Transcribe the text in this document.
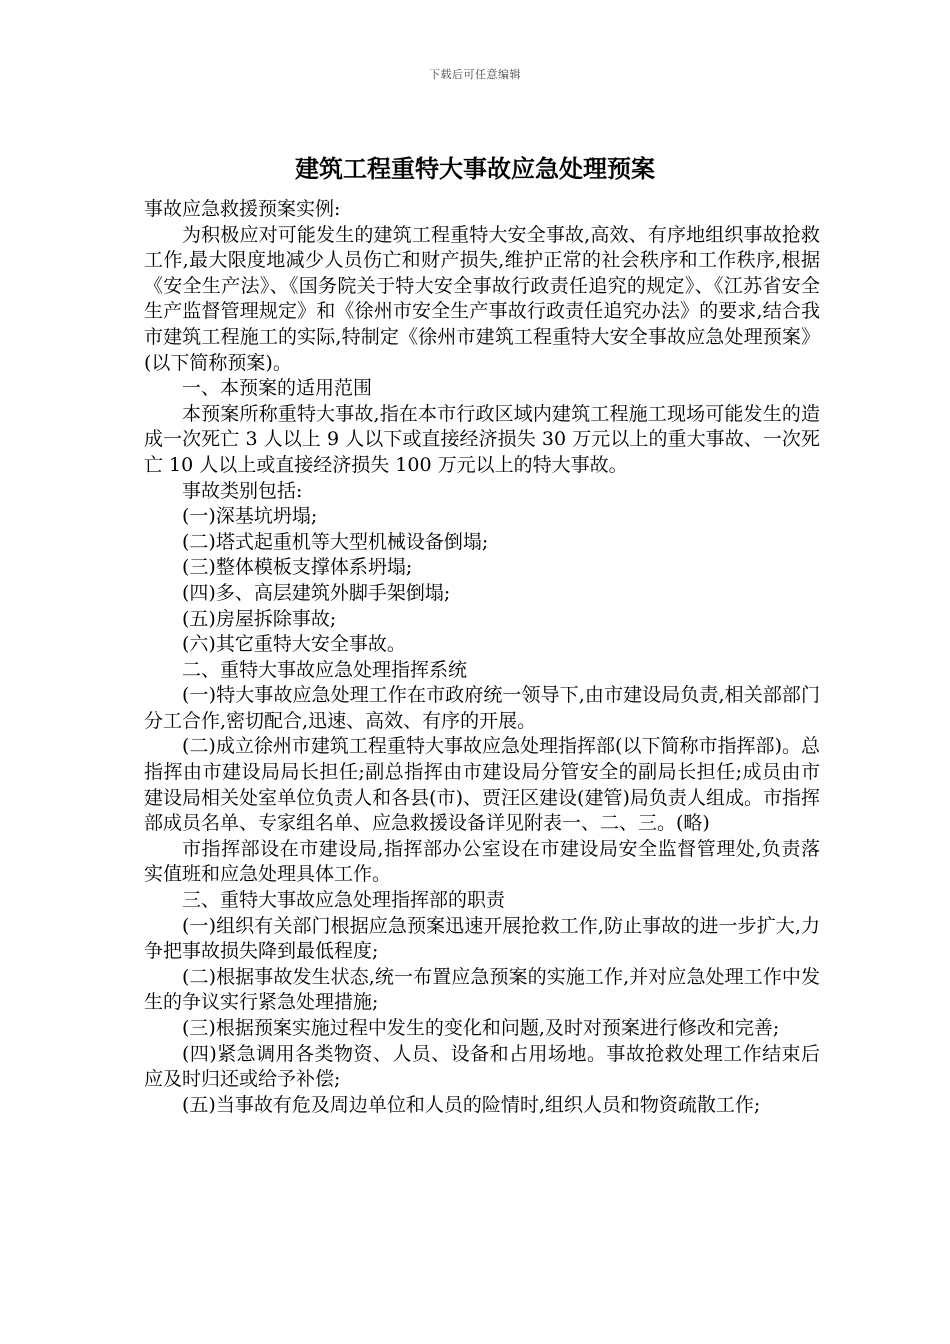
下载后可任意编辑
建筑工程重特大事故应急处理预案

事故应急救援预案实例:

为积极应对可能发生的建筑工程重特大安全事故,高效、有序地组织事故抢救工作,最大限度地减少人员伤亡和财产损失,维护正常的社会秩序和工作秩序,根据《安全生产法》、《国务院关于特大安全事故行政责任追究的规定》、《江苏省安全生产监督管理规定》和《徐州市安全生产事故行政责任追究办法》的要求,结合我市建筑工程施工的实际,特制定《徐州市建筑工程重特大安全事故应急处理预案》(以下简称预案)。

一、本预案的适用范围

本预案所称重特大事故,指在本市行政区域内建筑工程施工现场可能发生的造成一次死亡 3 人以上 9 人以下或直接经济损失 30 万元以上的重大事故、一次死亡 10 人以上或直接经济损失 100 万元以上的特大事故。

事故类别包括:

(一)深基坑坍塌;

(二)塔式起重机等大型机械设备倒塌;

(三)整体模板支撑体系坍塌;

(四)多、高层建筑外脚手架倒塌;

(五)房屋拆除事故;

(六)其它重特大安全事故。

二、重特大事故应急处理指挥系统

(一)特大事故应急处理工作在市政府统一领导下,由市建设局负责,相关部部门分工合作,密切配合,迅速、高效、有序的开展。

(二)成立徐州市建筑工程重特大事故应急处理指挥部(以下简称市指挥部)。总指挥由市建设局局长担任;副总指挥由市建设局分管安全的副局长担任;成员由市建设局相关处室单位负责人和各县(市)、贾汪区建设(建管)局负责人组成。市指挥部成员名单、专家组名单、应急救援设备详见附表一、二、三。(略)

市指挥部设在市建设局,指挥部办公室设在市建设局安全监督管理处,负责落实值班和应急处理具体工作。

三、重特大事故应急处理指挥部的职责

(一)组织有关部门根据应急预案迅速开展抢救工作,防止事故的进一步扩大,力争把事故损失降到最低程度;

(二)根据事故发生状态,统一布置应急预案的实施工作,并对应急处理工作中发生的争议实行紧急处理措施;

(三)根据预案实施过程中发生的变化和问题,及时对预案进行修改和完善;

(四)紧急调用各类物资、人员、设备和占用场地。事故抢救处理工作结束后应及时归还或给予补偿;

(五)当事故有危及周边单位和人员的险情时,组织人员和物资疏散工作;
